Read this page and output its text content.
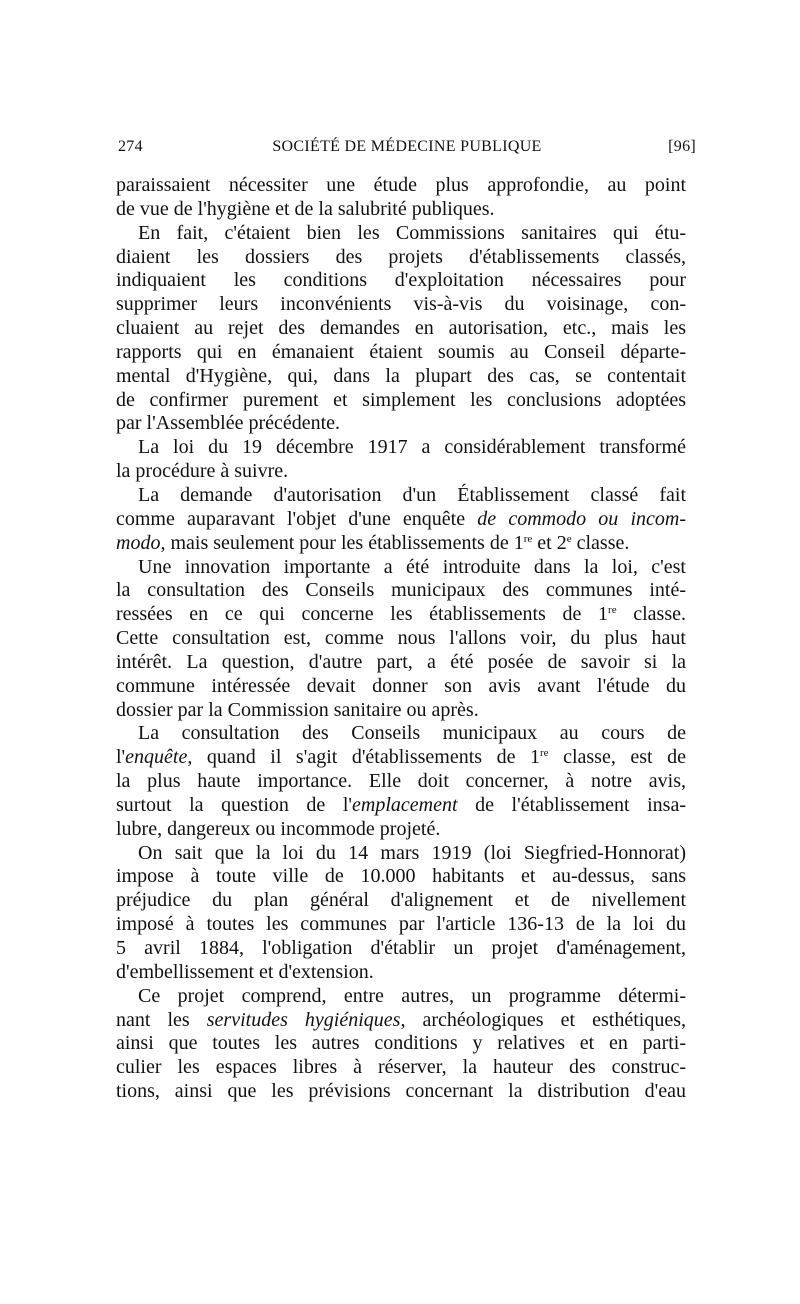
274	SOCIÉTÉ DE MÉDECINE PUBLIQUE	[96]
paraissaient nécessiter une étude plus approfondie, au point
de vue de l'hygiène et de la salubrité publiques.
En fait, c'étaient bien les Commissions sanitaires qui étu-
diaient les dossiers des projets d'établissements classés,
indiquaient les conditions d'exploitation nécessaires pour
supprimer leurs inconvénients vis-à-vis du voisinage, con-
cluaient au rejet des demandes en autorisation, etc., mais les
rapports qui en émanaient étaient soumis au Conseil départe-
mental d'Hygiène, qui, dans la plupart des cas, se contentait
de confirmer purement et simplement les conclusions adoptées
par l'Assemblée précédente.
La loi du 19 décembre 1917 a considérablement transformé
la procédure à suivre.
La demande d'autorisation d'un Établissement classé fait
comme auparavant l'objet d'une enquête de commodo ou incom-
modo, mais seulement pour les établissements de 1re et 2e classe.
Une innovation importante a été introduite dans la loi, c'est
la consultation des Conseils municipaux des communes inté-
ressées en ce qui concerne les établissements de 1re classe.
Cette consultation est, comme nous l'allons voir, du plus haut
intérêt. La question, d'autre part, a été posée de savoir si la
commune intéressée devait donner son avis avant l'étude du
dossier par la Commission sanitaire ou après.
La consultation des Conseils municipaux au cours de
l'enquête, quand il s'agit d'établissements de 1re classe, est de
la plus haute importance. Elle doit concerner, à notre avis,
surtout la question de l'emplacement de l'établissement insa-
lubre, dangereux ou incommode projeté.
On sait que la loi du 14 mars 1919 (loi Siegfried-Honnorat)
impose à toute ville de 10.000 habitants et au-dessus, sans
préjudice du plan général d'alignement et de nivellement
imposé à toutes les communes par l'article 136-13 de la loi du
5 avril 1884, l'obligation d'établir un projet d'aménagement,
d'embellissement et d'extension.
Ce projet comprend, entre autres, un programme détermi-
nant les servitudes hygiéniques, archéologiques et esthétiques,
ainsi que toutes les autres conditions y relatives et en parti-
culier les espaces libres à réserver, la hauteur des construc-
tions, ainsi que les prévisions concernant la distribution d'eau
